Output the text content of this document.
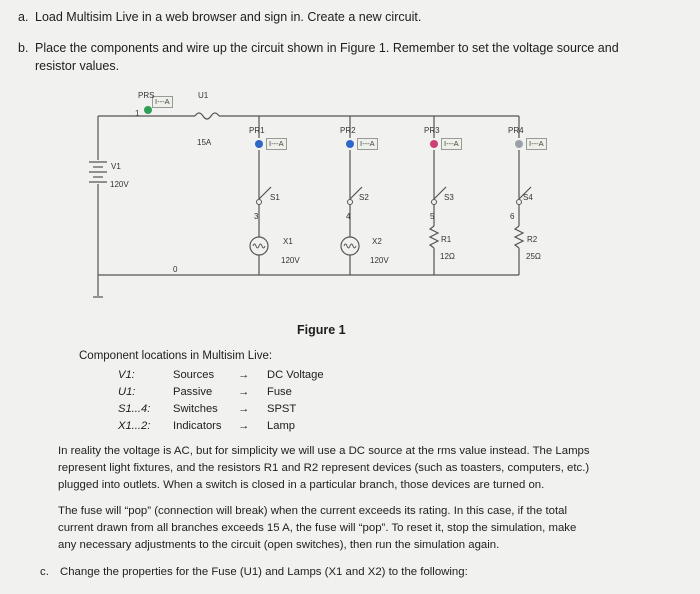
a. Load Multisim Live in a web browser and sign in. Create a new circuit.
b. Place the components and wire up the circuit shown in Figure 1. Remember to set the voltage source and
resistor values.
I---A
I---A	I---A	I---A	I---A
PRS	U1
15A
1
PR1	PR2	PR3	PR4
V1
120V
S1	S2	S3	S4
3	4	5	6
X1
120V
X2
120V
R1
12Ω
R2
25Ω
0
Figure 1
Component locations in Multisim Live:
V1:	Sources → DC Voltage
U1:	Passive → Fuse
S1...4: Switches → SPST
X1...2: Indicators → Lamp
In reality the voltage is AC, but for simplicity we will use a DC source at the rms value instead. The Lamps
represent light fixtures, and the resistors R1 and R2 represent devices (such as toasters, computers, etc.)
plugged into outlets. When a switch is closed in a particular branch, those devices are turned on.
The fuse will “pop” (connection will break) when the current exceeds its rating. In this case, if the total
current drawn from all branches exceeds 15 A, the fuse will “pop”. To reset it, stop the simulation, make
any necessary adjustments to the circuit (open switches), then run the simulation again.
c. Change the properties for the Fuse (U1) and Lamps (X1 and X2) to the following:
